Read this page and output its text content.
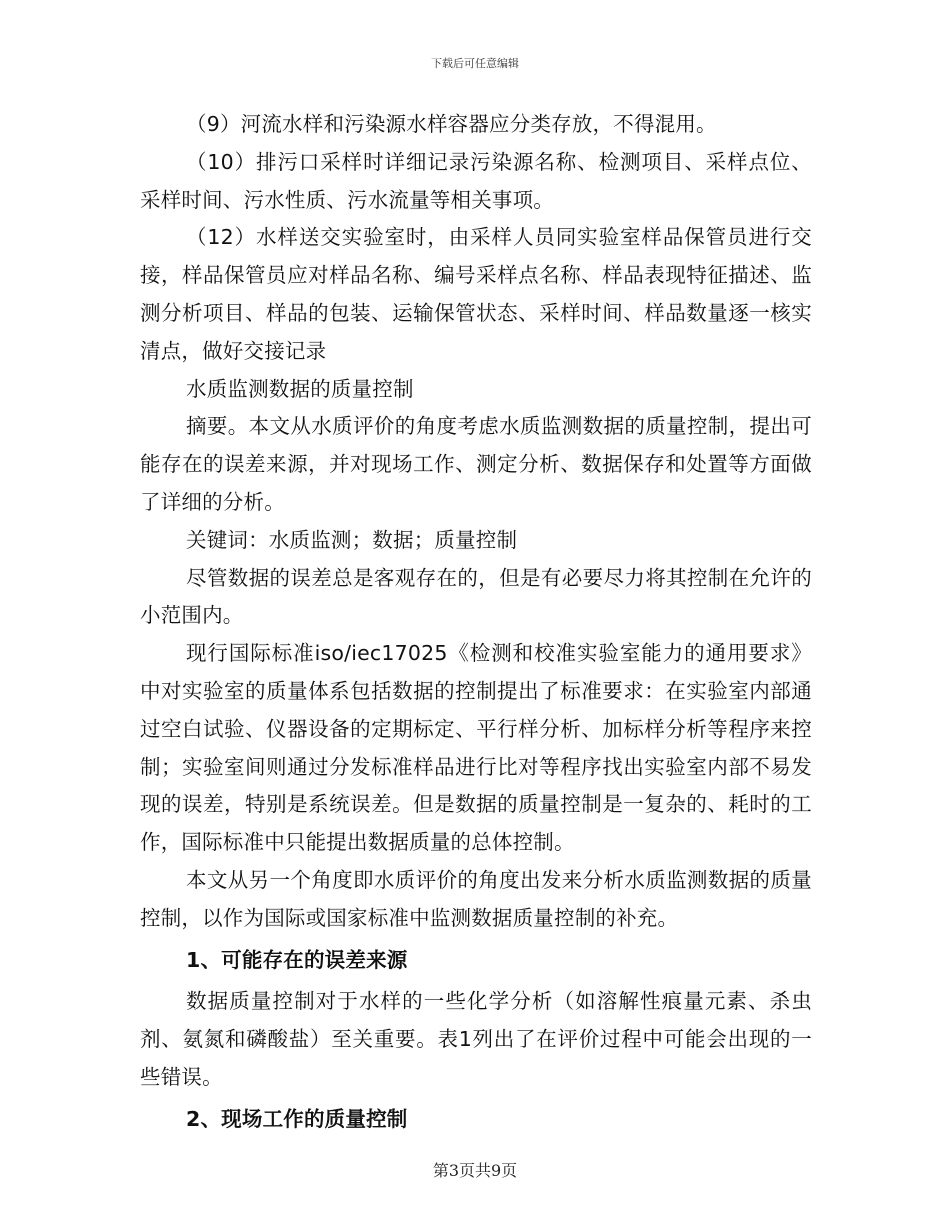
下载后可任意编辑

（9）河流水样和污染源水样容器应分类存放，不得混用。

（10）排污口采样时详细记录污染源名称、检测项目、采样点位、采样时间、污水性质、污水流量等相关事项。

（12）水样送交实验室时，由采样人员同实验室样品保管员进行交接，样品保管员应对样品名称、编号采样点名称、样品表现特征描述、监测分析项目、样品的包装、运输保管状态、采样时间、样品数量逐一核实清点，做好交接记录

水质监测数据的质量控制

摘要。本文从水质评价的角度考虑水质监测数据的质量控制，提出可能存在的误差来源，并对现场工作、测定分析、数据保存和处置等方面做了详细的分析。

关键词：水质监测；数据；质量控制

尽管数据的误差总是客观存在的，但是有必要尽力将其控制在允许的小范围内。

现行国际标准iso/iec17025《检测和校准实验室能力的通用要求》中对实验室的质量体系包括数据的控制提出了标准要求：在实验室内部通过空白试验、仪器设备的定期标定、平行样分析、加标样分析等程序来控制；实验室间则通过分发标准样品进行比对等程序找出实验室内部不易发现的误差，特别是系统误差。但是数据的质量控制是一复杂的、耗时的工作，国际标准中只能提出数据质量的总体控制。

本文从另一个角度即水质评价的角度出发来分析水质监测数据的质量控制，以作为国际或国家标准中监测数据质量控制的补充。

1、可能存在的误差来源

数据质量控制对于水样的一些化学分析（如溶解性痕量元素、杀虫剂、氨氮和磷酸盐）至关重要。表1列出了在评价过程中可能会出现的一些错误。

2、现场工作的质量控制

第3页共9页
